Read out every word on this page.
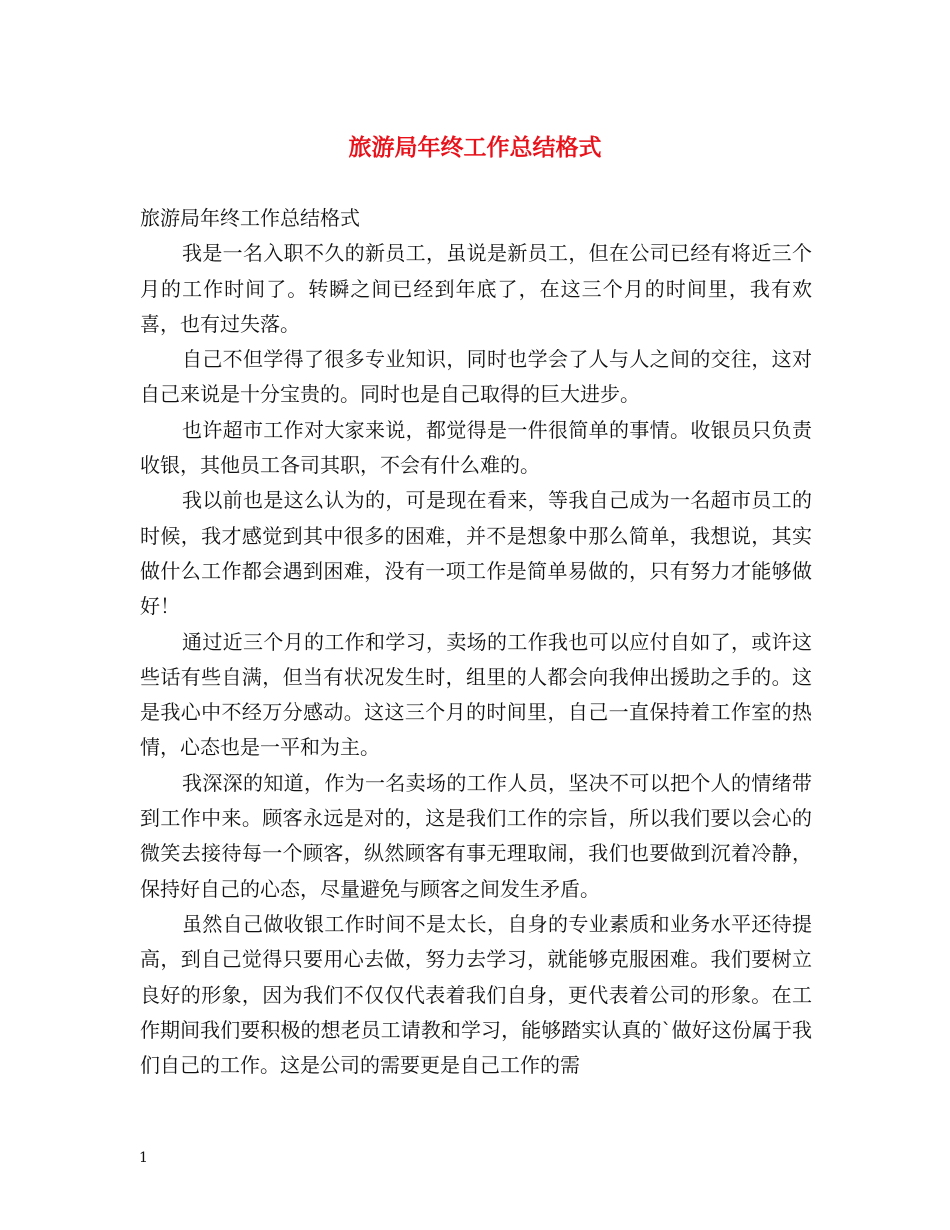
旅游局年终工作总结格式

旅游局年终工作总结格式

我是一名入职不久的新员工，虽说是新员工，但在公司已经有将近三个月的工作时间了。转瞬之间已经到年底了，在这三个月的时间里，我有欢喜，也有过失落。

自己不但学得了很多专业知识，同时也学会了人与人之间的交往，这对自己来说是十分宝贵的。同时也是自己取得的巨大进步。

也许超市工作对大家来说，都觉得是一件很简单的事情。收银员只负责收银，其他员工各司其职，不会有什么难的。

我以前也是这么认为的，可是现在看来，等我自己成为一名超市员工的时候，我才感觉到其中很多的困难，并不是想象中那么简单，我想说，其实做什么工作都会遇到困难，没有一项工作是简单易做的，只有努力才能够做好！

通过近三个月的工作和学习，卖场的工作我也可以应付自如了，或许这些话有些自满，但当有状况发生时，组里的人都会向我伸出援助之手的。这是我心中不经万分感动。这这三个月的时间里，自己一直保持着工作室的热情，心态也是一平和为主。

我深深的知道，作为一名卖场的工作人员，坚决不可以把个人的情绪带到工作中来。顾客永远是对的，这是我们工作的宗旨，所以我们要以会心的微笑去接待每一个顾客，纵然顾客有事无理取闹，我们也要做到沉着冷静，保持好自己的心态，尽量避免与顾客之间发生矛盾。

虽然自己做收银工作时间不是太长，自身的专业素质和业务水平还待提高，到自己觉得只要用心去做，努力去学习，就能够克服困难。我们要树立良好的形象，因为我们不仅仅代表着我们自身，更代表着公司的形象。在工作期间我们要积极的想老员工请教和学习，能够踏实认真的`做好这份属于我们自己的工作。这是公司的需要更是自己工作的需

1
